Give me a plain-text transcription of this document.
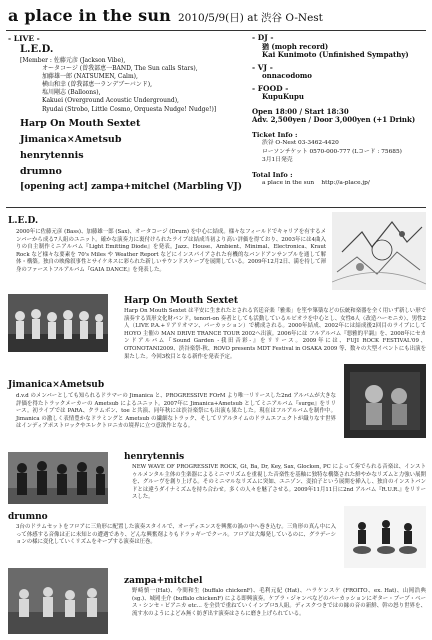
a place in the sun 2010/5/9(日) at 渋谷 O-Nest
- LIVE -
L.E.D.
[Member : 佐藤元彦 (Jackson Vibe),
オータコージ (曽我部恵一BAND, The Sun calls Stars),
加藤雄一郎 (NATSUMEN, Calm),
横山和幸 (曽我部恵一ランデブーバンド),
塩川剛志 (Balloons),
Kakuei (Overground Acoustic Underground),
Ryudai (Strobo, Little Cosmo, Orquesta Nudge! Nudge!)]
Harp On Mouth Sextet
Jimanica×Ametsub
henrytennis
drumno
[opening act] zampa+mitchel (Marbling VJ)
- DJ -
猶 (moph record)
Kai Kunimoto (Unfinished Sympathy)
- VJ -
onnacodomo
- FOOD -
KupuKupu
Open 18:00 / Start 18:30
Adv. 2,500yen / Door 3,000yen (+1 Drink)
Ticket Info :
渋谷 O-Nest 03-3462-4420
ローソンチケット 0570-000-777 (Lコード : 75685)
3月1日発売
Total Info :
a place in the sun    http://a-place.jp/
L.E.D.
2000年に佐藤元彦 (Bass)、加藤雄一郎 (Sax)、オータコージ (Drum) を中心に結成。様々なフィールドでキャリアを有するメンバーから成る7人組のユニット。確かな演奏力に裏付けられたライブは結成当初より高い評価を得ており、2003年には4曲入りの自主制作ミニアルバム『Light Emitting Diode』を発表。Jazz、House、Ambient、Minimal、Electronica、Kraut Rock など様々な要素を 70's Miles や Weather Report などにインスパイアされた有機的なバンドアンサンブルを通して解体・構築。独自の映像叙事性とサイケネスに彩られた新しいサウンドスケープを展開している。2009年12月2日、満を持して渾身のファーストフルアルバム『GAIA DANCE』を発表した。
Harp On Mouth Sextet
Harp On Mouth Sextet は平安に生まれたとされる宮廷音楽「雅楽」を笙や篳篥などの伝統和楽器を全く用いず新しい形で演奏する異形文化財バンド。tenori-on 奏者としても活動しているルビオラを中心とし、女性6人（改造ハーモニカ）、男性2人（LIVE P.A.+リアリオマン、パーカッション）で構成される。2000年結成、2002年には結成後2回目のライブにして HOYO 主催の MAN DRIVE TRANCE TOUR 2002へ出演。2006年には フルアルバム『悪雅的平調』を、2008年にセカンドアルバム『Sound Garden -我田音彩-』をリリース。2009年には、FUJI ROCK FESTIVAL'09、OTONOTANI2009、渋谷楽祭-秋、ROVO presents MDT Festival in OSAKA 2009 等、数々の大型イベントにも出演を果たした。今回3枚目となる新作を発表予定。
Jimanica×Ametsub
d.v.d のメンバーとしても知られるドラマーの Jimanica と、PROGRESSIVE FOrM より唯一リリースした2nd アルバムが大きな評価を得たトラックメーカーの Ametsub によるユニット。2007年に Jimanica+Ametsub としてミニアルバム『surge』をリリース。初ライブでは PARA、クラムボン、toe と共演、同年秋には渋谷楽祭にも出演も果たした。現在はフルアルバムを制作中。Jimanica の激しく表情豊かなドラミングと Ametsub の繊細なトラック、そしてリアルタイムのドラムエフェクトが織りなす世界はインディアポストロックやエレクトロニカの境界に立つ意欲作となる。
henrytennis
NEW WAVE OF PROGRESSIVE ROCK, Gt, Ba, Dr, Key, Sax, Glocken, PC によって奏でられる音楽は、インストゥルメンタル主体の生楽器によるミニマリズムを重視した音楽性を基軸に独特な構築された鮮やかなリズムと力強い展開を、グルーヴを創り上げる。そのミニマルなリズムに突如、ユニゾン、変拍子という展開を挿入し、独自のインストバンドとは違うダイナミズムを持ち合わせ。多くの人々を魅了させる。2009年11月11日に2nd アルバム『R.U.R.』をリリースした。
drumno
3台のドラムセットをフロアに三角形に配置した演奏スタイルで、オーディエンスを興奮の渦の中へ巻き込む。三角形の真ん中に入って体感する音像は正に未知との遭遇であり、どんな興奮剤よりもドラッギーでクール。フロアは大爆発しているのに、グラデーションの様に変化していくリズムをキープする演奏は圧巻。
zampa+mitchel
野崎慎一(Hat)、今間和生 (buffalo chickenF)、毛利元紀 (Hat)、ハラケンスケ (FROITO、ex. Hat)、山岡浩典 (sg.)、城岡圭介 (buffalo chickenF) による即興演奏。ケブラ・ジャンベなどのパーカッションにギター・ブーブ・ベース・シンセ・ピアニカ etc... を全員で重ねていくインプロ5人組。ディスクつきではの縁の音の新鮮、幹の怒り世界を、流す水のようによどみ無く紡ぎ出す演奏はさらに磨き上げられている。
